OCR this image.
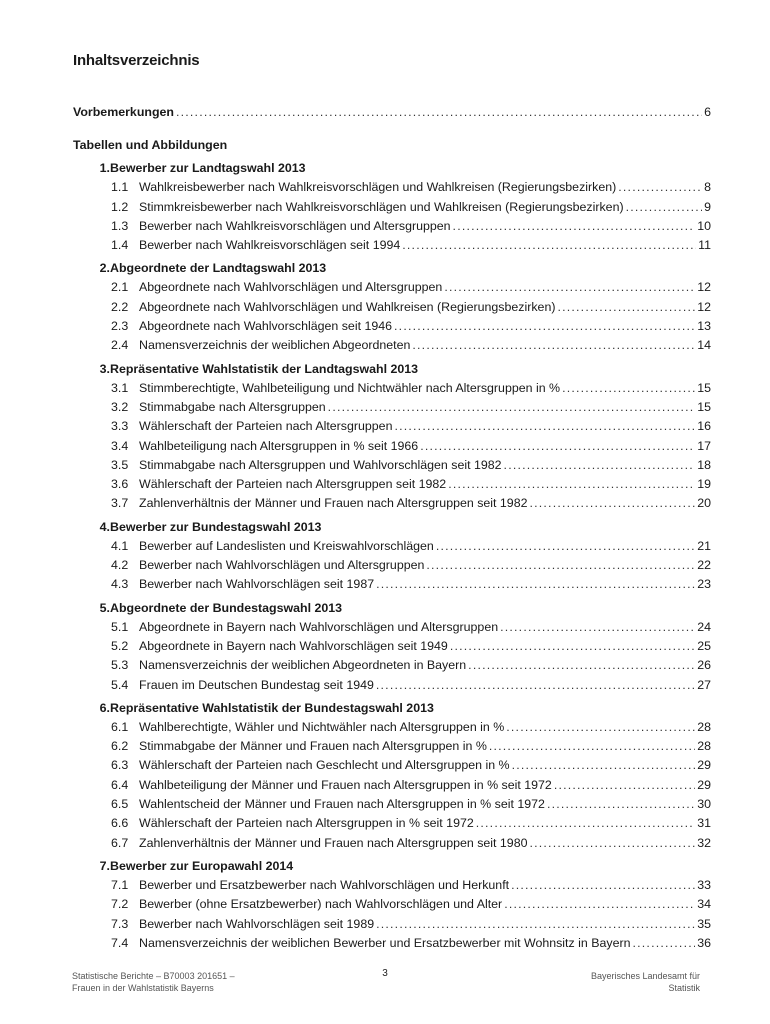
Inhaltsverzeichnis
Vorbemerkungen .....	6
Tabellen und Abbildungen
1. Bewerber zur Landtagswahl 2013
1.1 Wahlkreisbewerber nach Wahlkreisvorschlägen und Wahlkreisen (Regierungsbezirken) .....	8
1.2 Stimmkreisbewerber nach Wahlkreisvorschlägen und Wahlkreisen (Regierungsbezirken) .....	9
1.3 Bewerber nach Wahlkreisvorschlägen und Altersgruppen .....	10
1.4 Bewerber nach Wahlkreisvorschlägen seit 1994 .....	11
2. Abgeordnete der Landtagswahl 2013
2.1 Abgeordnete nach Wahlvorschlägen und Altersgruppen .....	12
2.2 Abgeordnete nach Wahlvorschlägen und Wahlkreisen (Regierungsbezirken) .....	12
2.3 Abgeordnete nach Wahlvorschlägen seit 1946 .....	13
2.4 Namensverzeichnis der weiblichen Abgeordneten .....	14
3. Repräsentative Wahlstatistik der Landtagswahl 2013
3.1 Stimmberechtigte, Wahlbeteiligung und Nichtwähler nach Altersgruppen in % .....	15
3.2 Stimmabgabe nach Altersgruppen .....	15
3.3 Wählerschaft der Parteien nach Altersgruppen .....	16
3.4 Wahlbeteiligung nach Altersgruppen in % seit 1966 .....	17
3.5 Stimmabgabe nach Altersgruppen und Wahlvorschlägen seit 1982 .....	18
3.6 Wählerschaft der Parteien nach Altersgruppen seit 1982 .....	19
3.7 Zahlenverhältnis der Männer und Frauen nach Altersgruppen seit 1982 .....	20
4. Bewerber zur Bundestagswahl 2013
4.1 Bewerber auf Landeslisten und Kreiswahlvorschlägen .....	21
4.2 Bewerber nach Wahlvorschlägen und Altersgruppen .....	22
4.3 Bewerber nach Wahlvorschlägen seit 1987 .....	23
5. Abgeordnete der Bundestagswahl 2013
5.1 Abgeordnete in Bayern nach Wahlvorschlägen und Altersgruppen .....	24
5.2 Abgeordnete in Bayern nach Wahlvorschlägen seit 1949 .....	25
5.3 Namensverzeichnis der weiblichen Abgeordneten in Bayern .....	26
5.4 Frauen im Deutschen Bundestag seit 1949 .....	27
6. Repräsentative Wahlstatistik der Bundestagswahl 2013
6.1 Wahlberechtigte, Wähler und Nichtwähler nach Altersgruppen in % .....	28
6.2 Stimmabgabe der Männer und Frauen nach Altersgruppen in % .....	28
6.3 Wählerschaft der Parteien nach Geschlecht und Altersgruppen in % .....	29
6.4 Wahlbeteiligung der Männer und Frauen nach Altersgruppen in % seit 1972 .....	29
6.5 Wahlentscheid der Männer und Frauen nach Altersgruppen in % seit 1972 .....	30
6.6 Wählerschaft der Parteien nach Altersgruppen in % seit 1972 .....	31
6.7 Zahlenverhältnis der Männer und Frauen nach Altersgruppen seit 1980 .....	32
7. Bewerber zur Europawahl 2014
7.1 Bewerber und Ersatzbewerber nach Wahlvorschlägen und Herkunft .....	33
7.2 Bewerber (ohne Ersatzbewerber) nach Wahlvorschlägen und Alter .....	34
7.3 Bewerber nach Wahlvorschlägen seit 1989 .....	35
7.4 Namensverzeichnis der weiblichen Bewerber und Ersatzbewerber mit Wohnsitz in Bayern .....	36
Statistische Berichte – B70003 201651 –
Frauen in der Wahlstatistik Bayerns
3	Bayerisches Landesamt für
Statistik
